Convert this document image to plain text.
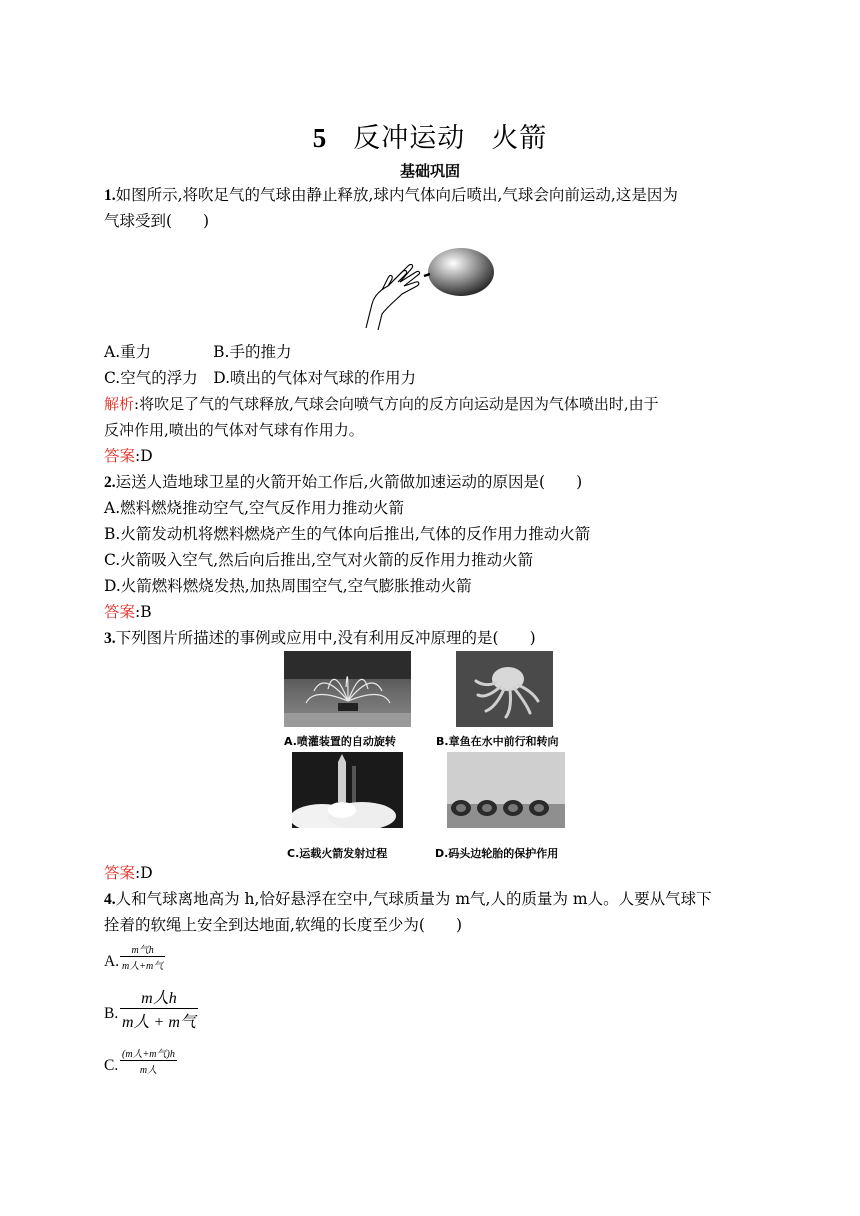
5 反冲运动 火箭
基础巩固
1.如图所示,将吹足气的气球由静止释放,球内气体向后喷出,气球会向前运动,这是因为
气球受到(　　)
A.重力　　　　B.手的推力
C.空气的浮力　D.喷出的气体对气球的作用力
解析:将吹足了气的气球释放,气球会向喷气方向的反方向运动是因为气体喷出时,由于
反冲作用,喷出的气体对气球有作用力。
答案:D
2.运送人造地球卫星的火箭开始工作后,火箭做加速运动的原因是(　　)
A.燃料燃烧推动空气,空气反作用力推动火箭
B.火箭发动机将燃料燃烧产生的气体向后推出,气体的反作用力推动火箭
C.火箭吸入空气,然后向后推出,空气对火箭的反作用力推动火箭
D.火箭燃料燃烧发热,加热周围空气,空气膨胀推动火箭
答案:B
3.下列图片所描述的事例或应用中,没有利用反冲原理的是(　　)
A.喷灌装置的自动旋转	B.章鱼在水中前行和转向
C.运载火箭发射过程	D.码头边轮胎的保护作用
答案:D
4.人和气球离地高为 h,恰好悬浮在空中,气球质量为 m气,人的质量为 m人。人要从气球下
拴着的软绳上安全到达地面,软绳的长度至少为(　　)
A.
m气h
m人+m气
B.
m人h
m人 + m气
C.
(m人+m气)h
m人
